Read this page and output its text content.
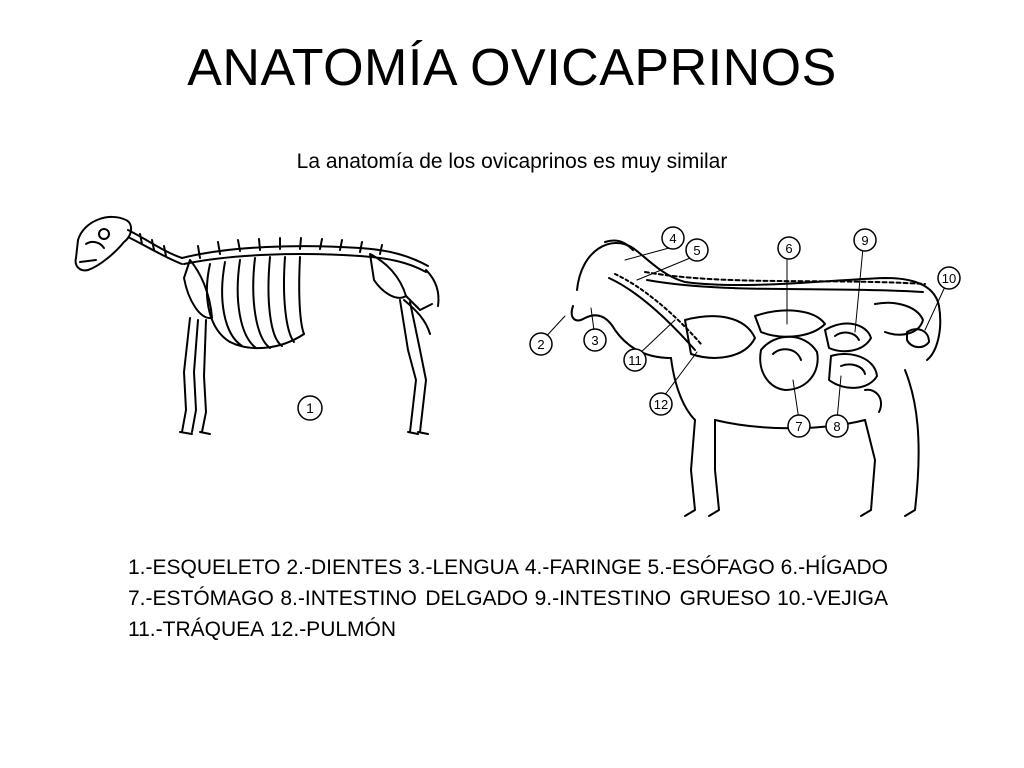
ANATOMÍA OVICAPRINOS
La anatomía de los ovicaprinos es muy similar
1
2	3
4
5	6
7 8
9
10
11
12
1.-ESQUELETO 2.-DIENTES 3.-LENGUA 4.-FARINGE 5.-ESÓFAGO 6.-HÍGADO 7.-ESTÓMAGO 8.-INTESTINO DELGADO 9.-INTESTINO GRUESO 10.-VEJIGA 11.-TRÁQUEA 12.-PULMÓN
